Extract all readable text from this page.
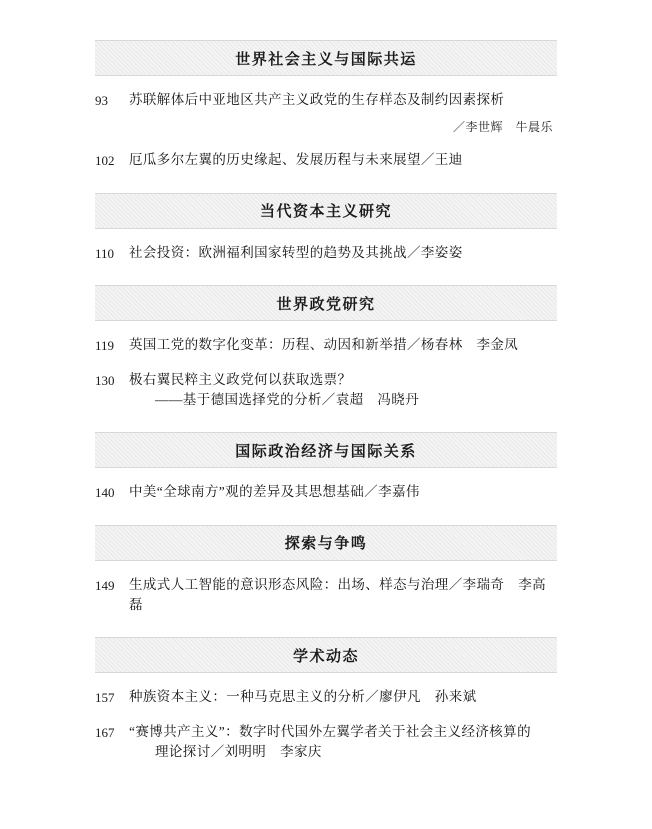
世界社会主义与国际共运
93	苏联解体后中亚地区共产主义政党的生存样态及制约因素探析
／李世辉　牛晨乐
102	厄瓜多尔左翼的历史缘起、发展历程与未来展望／王迪
当代资本主义研究
110	社会投资：欧洲福利国家转型的趋势及其挑战／李姿姿
世界政党研究
119	英国工党的数字化变革：历程、动因和新举措／杨春林　李金凤
130	极右翼民粹主义政党何以获取选票？
——基于德国选择党的分析／袁超　冯晓丹
国际政治经济与国际关系
140	中美“全球南方”观的差异及其思想基础／李嘉伟
探索与争鸣
149	生成式人工智能的意识形态风险：出场、样态与治理／李瑞奇　李高磊
学术动态
157	种族资本主义：一种马克思主义的分析／廖伊凡　孙来斌
167	“赛博共产主义”：数字时代国外左翼学者关于社会主义经济核算的
理论探讨／刘明明　李家庆
